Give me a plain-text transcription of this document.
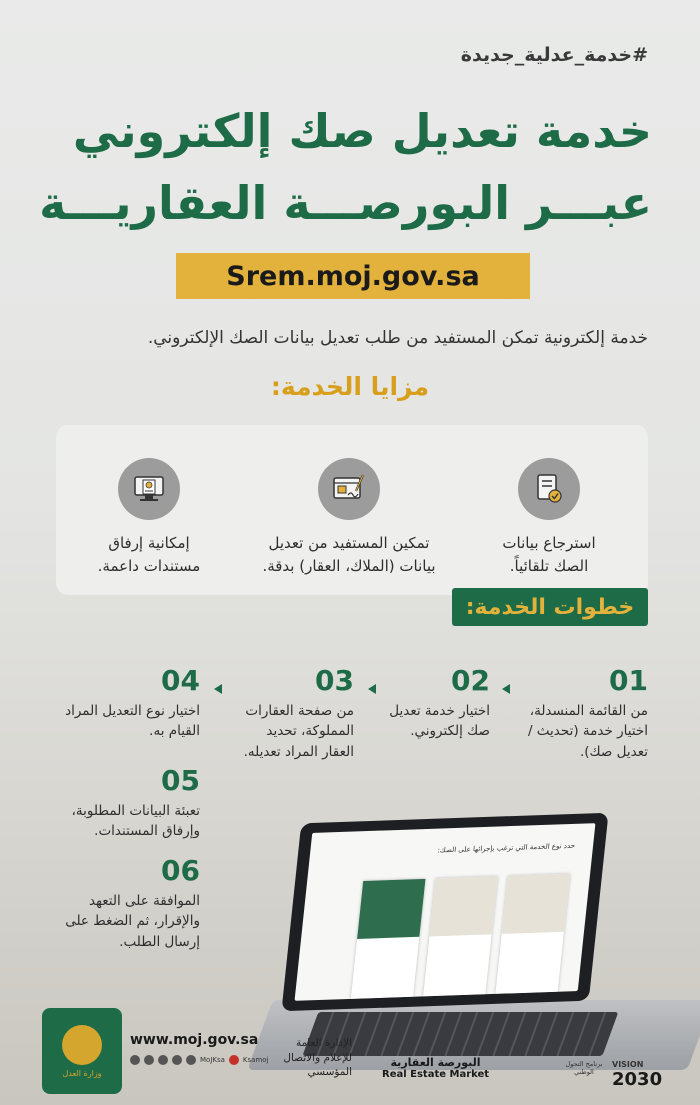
#خدمة_عدلية_جديدة
خدمة تعديل صك إلكتروني
عبـــر البورصـــة العقاريـــة
Srem.moj.gov.sa
خدمة إلكترونية تمكن المستفيد من طلب تعديل بيانات الصك الإلكتروني.
مزايا الخدمة:
استرجاع بيانات
الصك تلقائياً.
تمكين المستفيد من تعديل
بيانات (الملاك، العقار) بدقة.
إمكانية إرفاق
مستندات داعمة.
خطوات الخدمة:
01
من القائمة المنسدلة، اختيار خدمة (تحديث / تعديل صك).
02
اختيار خدمة تعديل صك إلكتروني.
03
من صفحة العقارات المملوكة، تحديد العقار المراد تعديله.
04
اختيار نوع التعديل المراد القيام به.
05
تعبئة البيانات المطلوبة، وإرفاق المستندات.
06
الموافقة على التعهد والإقرار، ثم الضغط على إرسال الطلب.
حدد نوع الخدمة التي ترغب بإجرائها على الصك:
وزارة العدل
www.moj.gov.sa
MoJKsa	Ksamoj
الإدارة العامة للإعلام والاتصال المؤسسي
البورصة العقارية
Real Estate Market
برنامج التحول الوطني
VISION
2030
